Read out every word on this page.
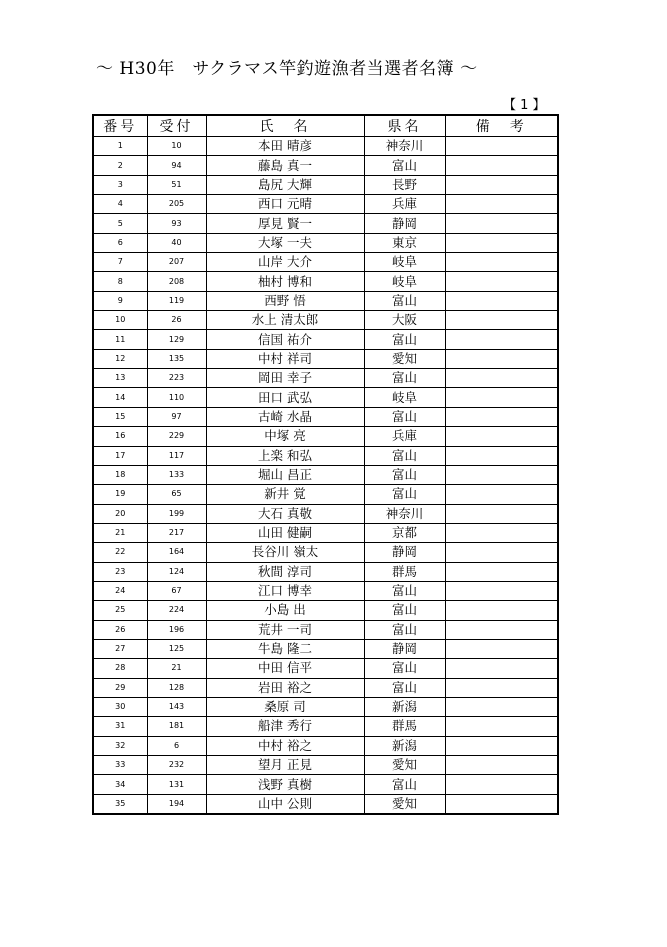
～ H30年　サクラマス竿釣遊漁者当選者名簿 ～
【 1 】
番号	受付	氏　名	県名	備　考
1	10	本田 晴彦	神奈川	
2	94	藤島 真一	富山	
3	51	島尻 大輝	長野	
4	205	西口 元晴	兵庫	
5	93	厚見 賢一	静岡	
6	40	大塚 一夫	東京	
7	207	山岸 大介	岐阜	
8	208	柚村 博和	岐阜	
9	119	西野 悟	富山	
10	26	水上 清太郎	大阪	
11	129	信国 祐介	富山	
12	135	中村 祥司	愛知	
13	223	岡田 幸子	富山	
14	110	田口 武弘	岐阜	
15	97	古崎 水晶	富山	
16	229	中塚 亮	兵庫	
17	117	上楽 和弘	富山	
18	133	堀山 昌正	富山	
19	65	新井 覚	富山	
20	199	大石 真敬	神奈川	
21	217	山田 健嗣	京都	
22	164	長谷川 嶺太	静岡	
23	124	秋間 淳司	群馬	
24	67	江口 博幸	富山	
25	224	小島 出	富山	
26	196	荒井 一司	富山	
27	125	牛島 隆二	静岡	
28	21	中田 信平	富山	
29	128	岩田 裕之	富山	
30	143	桑原 司	新潟	
31	181	船津 秀行	群馬	
32	6	中村 裕之	新潟	
33	232	望月 正見	愛知	
34	131	浅野 真樹	富山	
35	194	山中 公則	愛知	
